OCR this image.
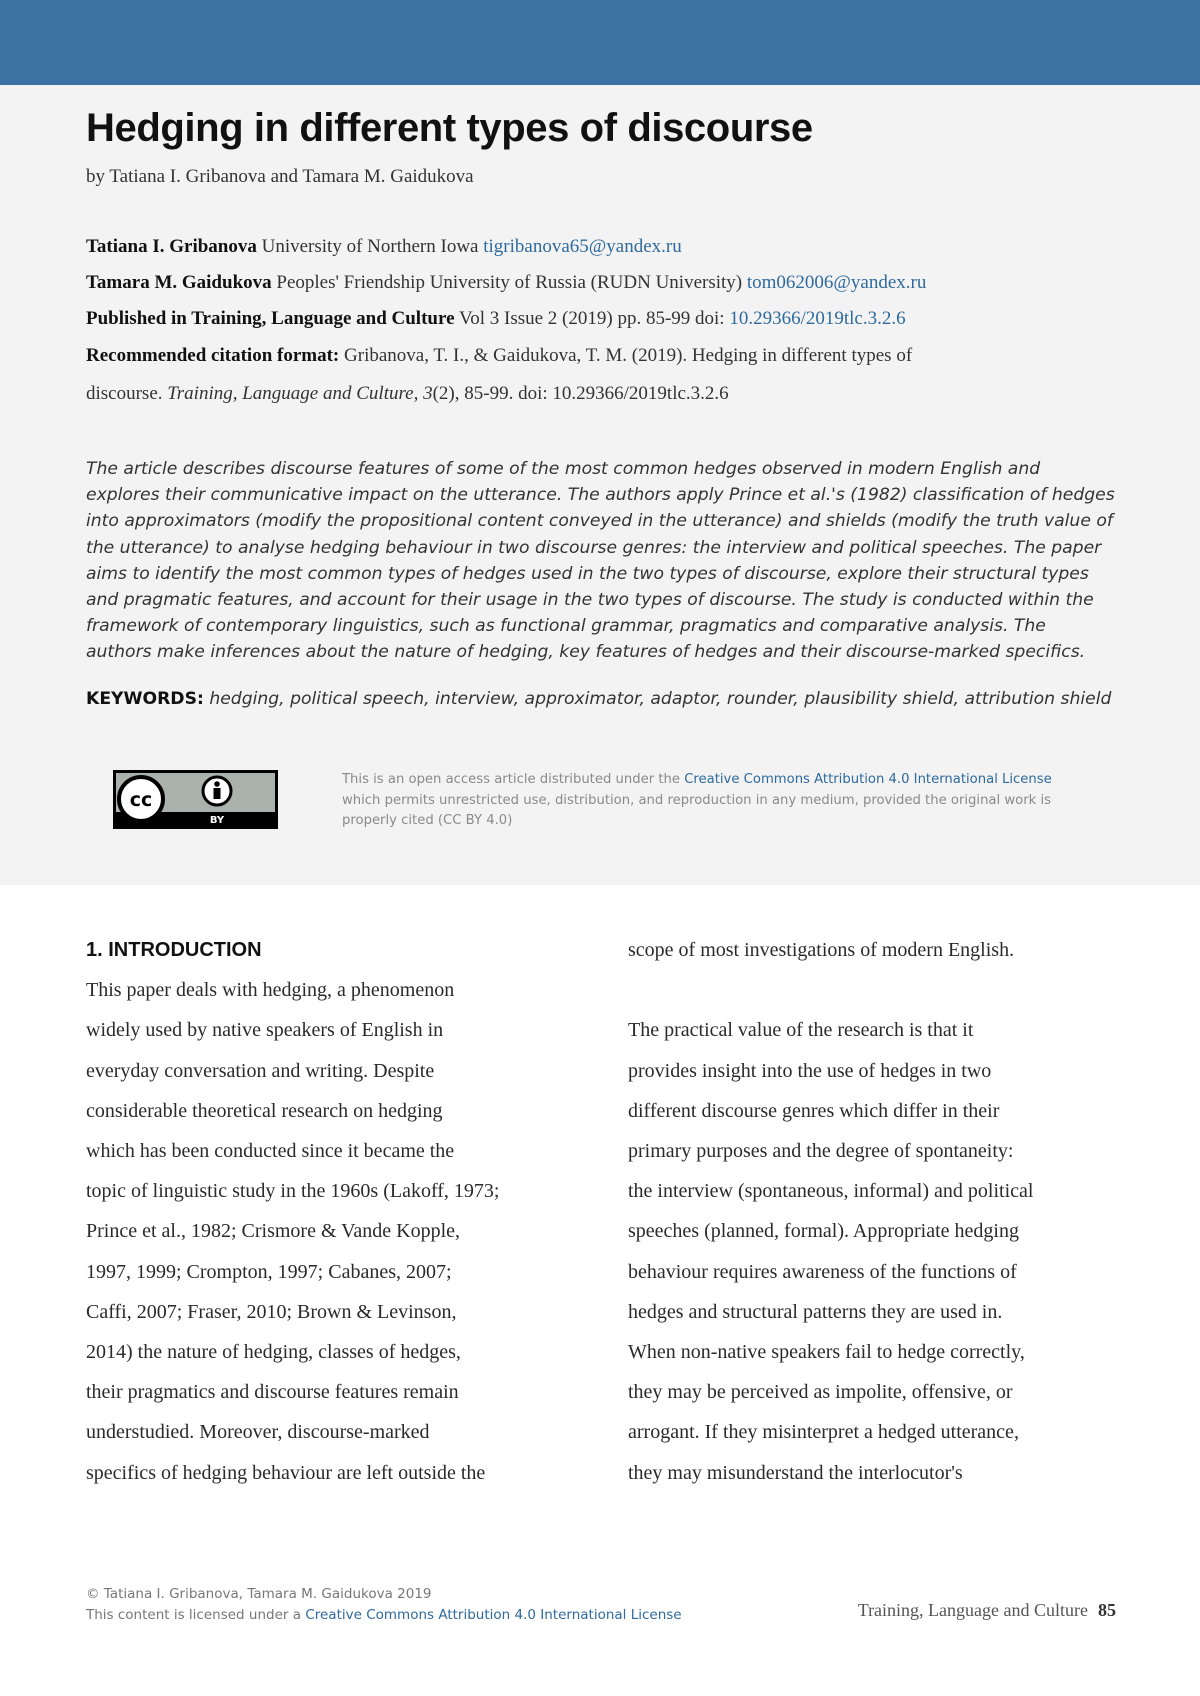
Hedging in different types of discourse
by Tatiana I. Gribanova and Tamara M. Gaidukova
Tatiana I. Gribanova University of Northern Iowa tigribanova65@yandex.ru
Tamara M. Gaidukova Peoples' Friendship University of Russia (RUDN University) tom062006@yandex.ru
Published in Training, Language and Culture Vol 3 Issue 2 (2019) pp. 85-99 doi: 10.29366/2019tlc.3.2.6
Recommended citation format: Gribanova, T. I., & Gaidukova, T. M. (2019). Hedging in different types of
discourse. Training, Language and Culture, 3(2), 85-99. doi: 10.29366/2019tlc.3.2.6

The article describes discourse features of some of the most common hedges observed in modern English and explores their communicative impact on the utterance. The authors apply Prince et al.'s (1982) classification of hedges into approximators (modify the propositional content conveyed in the utterance) and shields (modify the truth value of the utterance) to analyse hedging behaviour in two discourse genres: the interview and political speeches. The paper aims to identify the most common types of hedges used in the two types of discourse, explore their structural types and pragmatic features, and account for their usage in the two types of discourse. The study is conducted within the framework of contemporary linguistics, such as functional grammar, pragmatics and comparative analysis. The authors make inferences about the nature of hedging, key features of hedges and their discourse-marked specifics.

KEYWORDS: hedging, political speech, interview, approximator, adaptor, rounder, plausibility shield, attribution shield
cc
BY
This is an open access article distributed under the Creative Commons Attribution 4.0 International License which permits unrestricted use, distribution, and reproduction in any medium, provided the original work is properly cited (CC BY 4.0)
1. INTRODUCTION
This paper deals with hedging, a phenomenon
widely used by native speakers of English in
everyday conversation and writing. Despite
considerable theoretical research on hedging
which has been conducted since it became the
topic of linguistic study in the 1960s (Lakoff, 1973;
Prince et al., 1982; Crismore & Vande Kopple,
1997, 1999; Crompton, 1997; Cabanes, 2007;
Caffi, 2007; Fraser, 2010; Brown & Levinson,
2014) the nature of hedging, classes of hedges,
their pragmatics and discourse features remain
understudied. Moreover, discourse-marked
specifics of hedging behaviour are left outside the
scope of most investigations of modern English.
The practical value of the research is that it
provides insight into the use of hedges in two
different discourse genres which differ in their
primary purposes and the degree of spontaneity:
the interview (spontaneous, informal) and political
speeches (planned, formal). Appropriate hedging
behaviour requires awareness of the functions of
hedges and structural patterns they are used in.
When non-native speakers fail to hedge correctly,
they may be perceived as impolite, offensive, or
arrogant. If they misinterpret a hedged utterance,
they may misunderstand the interlocutor's
© Tatiana I. Gribanova, Tamara M. Gaidukova 2019
This content is licensed under a Creative Commons Attribution 4.0 International License	Training, Language and Culture 85
